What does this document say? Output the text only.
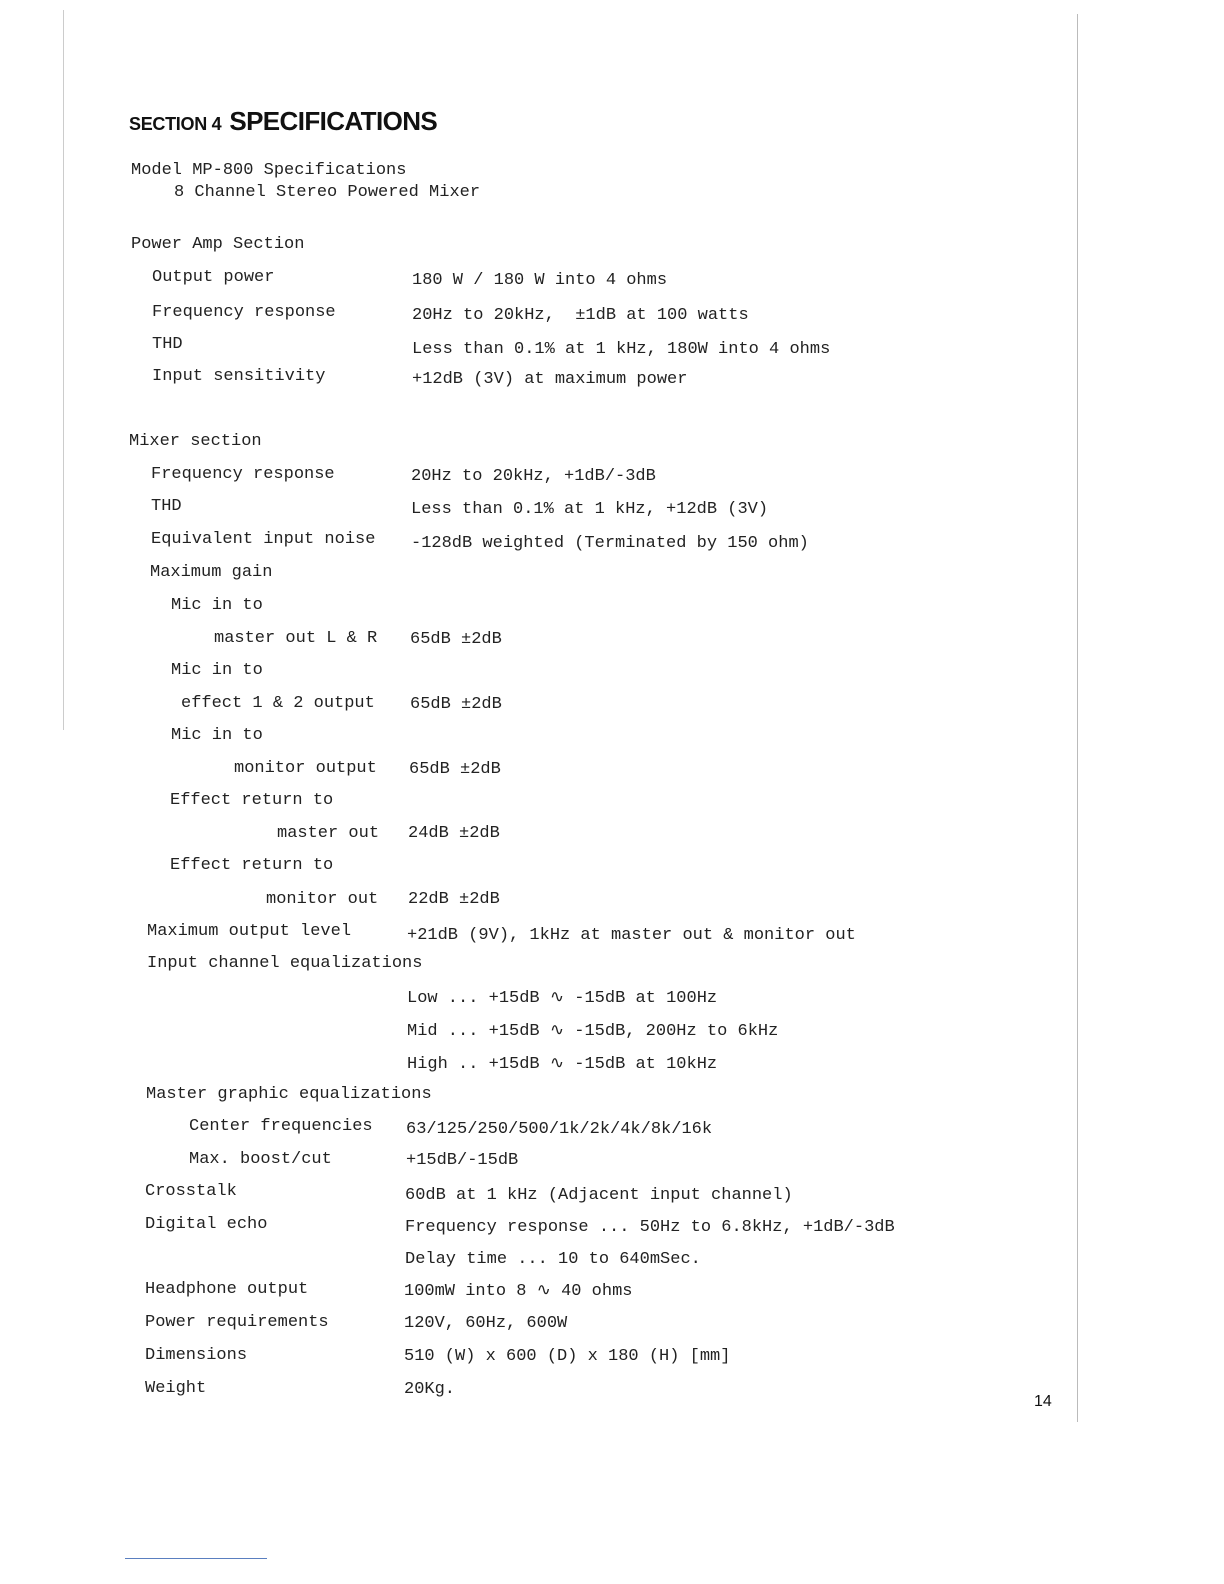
SECTION 4 SPECIFICATIONS
Model MP-800 Specifications
8 Channel Stereo Powered Mixer
Power Amp Section
Output power	180 W / 180 W into 4 ohms
Frequency response	20Hz to 20kHz,  ±1dB at 100 watts
THD	Less than 0.1% at 1 kHz, 180W into 4 ohms
Input sensitivity	+12dB (3V) at maximum power
Mixer section
Frequency response	20Hz to 20kHz, +1dB/-3dB
THD	Less than 0.1% at 1 kHz, +12dB (3V)
Equivalent input noise -128dB weighted (Terminated by 150 ohm)
Maximum gain
Mic in to
master out L & R 65dB ±2dB
Mic in to
effect 1 & 2 output 65dB ±2dB
Mic in to
monitor output 65dB ±2dB
Effect return to
master out 24dB ±2dB
Effect return to
monitor out 22dB ±2dB
Maximum output level	+21dB (9V), 1kHz at master out & monitor out
Input channel equalizations
Low ... +15dB ∿ -15dB at 100Hz
Mid ... +15dB ∿ -15dB, 200Hz to 6kHz
High .. +15dB ∿ -15dB at 10kHz
Master graphic equalizations
Center frequencies 63/125/250/500/1k/2k/4k/8k/16k
Max. boost/cut	+15dB/-15dB
Crosstalk	60dB at 1 kHz (Adjacent input channel)
Digital echo	Frequency response ... 50Hz to 6.8kHz, +1dB/-3dB
Delay time ... 10 to 640mSec.
Headphone output	100mW into 8 ∿ 40 ohms
Power requirements	120V, 60Hz, 600W
Dimensions	510 (W) x 600 (D) x 180 (H) [mm]
Weight	20Kg.
14
